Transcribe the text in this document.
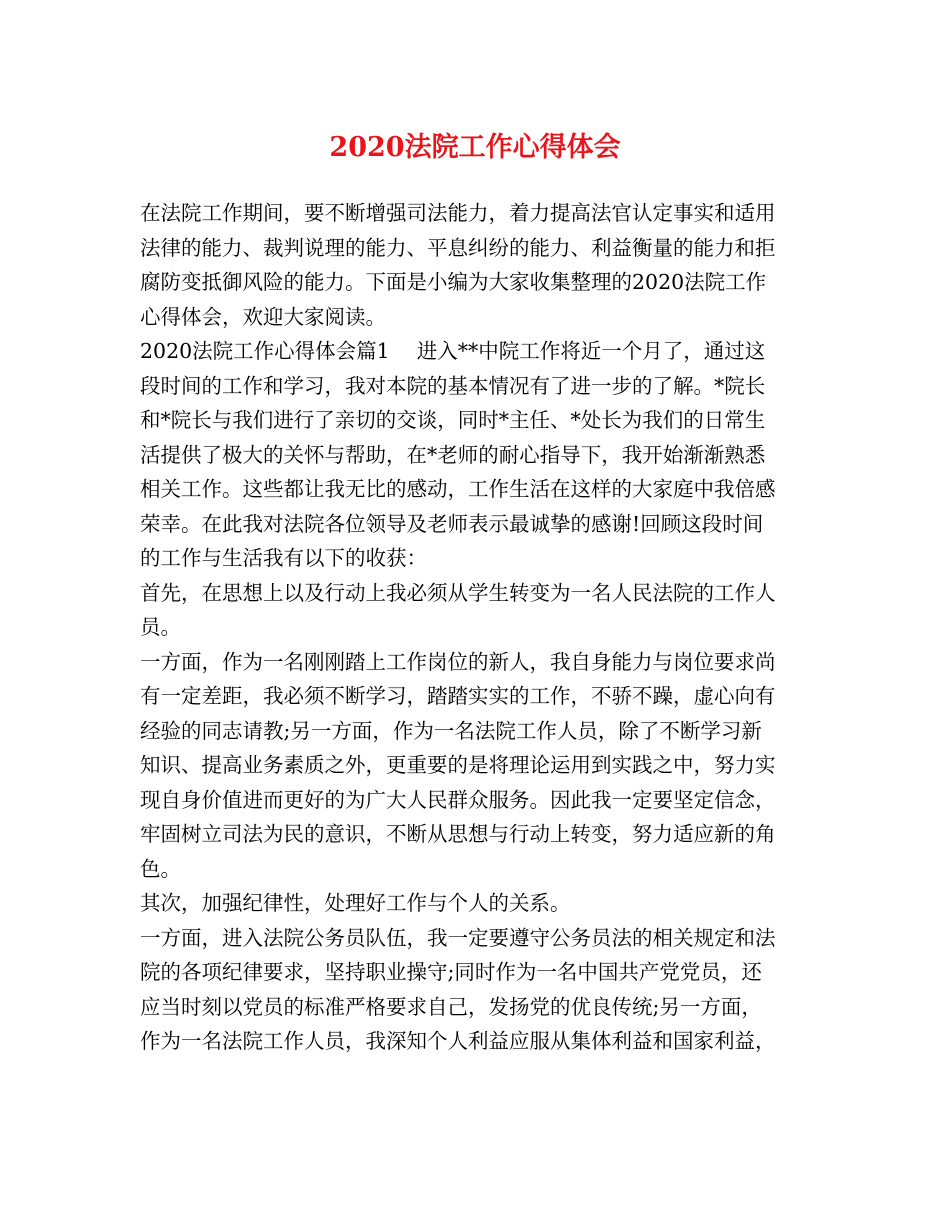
2020法院工作心得体会
在法院工作期间，要不断增强司法能力，着力提高法官认定事实和适用
法律的能力、裁判说理的能力、平息纠纷的能力、利益衡量的能力和拒
腐防变抵御风险的能力。下面是小编为大家收集整理的2020法院工作
心得体会，欢迎大家阅读。
2020法院工作心得体会篇1　 进入**中院工作将近一个月了，通过这
段时间的工作和学习，我对本院的基本情况有了进一步的了解。*院长
和*院长与我们进行了亲切的交谈，同时*主任、*处长为我们的日常生
活提供了极大的关怀与帮助，在*老师的耐心指导下，我开始渐渐熟悉
相关工作。这些都让我无比的感动，工作生活在这样的大家庭中我倍感
荣幸。在此我对法院各位领导及老师表示最诚挚的感谢!回顾这段时间
的工作与生活我有以下的收获：
首先，在思想上以及行动上我必须从学生转变为一名人民法院的工作人
员。
一方面，作为一名刚刚踏上工作岗位的新人，我自身能力与岗位要求尚
有一定差距，我必须不断学习，踏踏实实的工作，不骄不躁，虚心向有
经验的同志请教;另一方面，作为一名法院工作人员，除了不断学习新
知识、提高业务素质之外，更重要的是将理论运用到实践之中，努力实
现自身价值进而更好的为广大人民群众服务。因此我一定要坚定信念，
牢固树立司法为民的意识，不断从思想与行动上转变，努力适应新的角
色。
其次，加强纪律性，处理好工作与个人的关系。
一方面，进入法院公务员队伍，我一定要遵守公务员法的相关规定和法
院的各项纪律要求，坚持职业操守;同时作为一名中国共产党党员，还
应当时刻以党员的标准严格要求自己，发扬党的优良传统;另一方面，
作为一名法院工作人员，我深知个人利益应服从集体利益和国家利益，
